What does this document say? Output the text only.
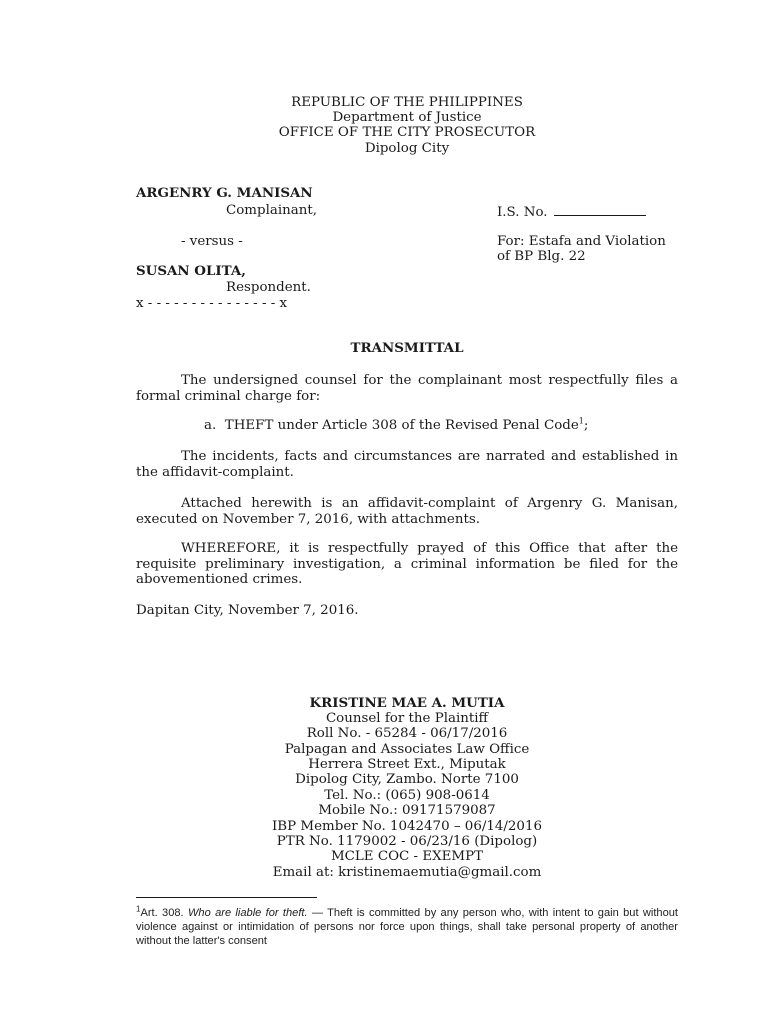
REPUBLIC OF THE PHILIPPINES
Department of Justice
OFFICE OF THE CITY PROSECUTOR
Dipolog City
ARGENRY G. MANISAN
Complainant,	I.S. No.
- versus -	For: Estafa and Violation
of BP Blg. 22
SUSAN OLITA,
Respondent.
x - - - - - - - - - - - - - - - x
TRANSMITTAL
The undersigned counsel for the complainant most respectfully files a formal criminal charge for:
a. THEFT under Article 308 of the Revised Penal Code$^1$;
The incidents, facts and circumstances are narrated and established in the affidavit-complaint.
Attached herewith is an affidavit-complaint of Argenry G. Manisan, executed on November 7, 2016, with attachments.
WHEREFORE, it is respectfully prayed of this Office that after the requisite preliminary investigation, a criminal information be filed for the abovementioned crimes.
Dapitan City, November 7, 2016.
KRISTINE MAE A. MUTIA
Counsel for the Plaintiff
Roll No. - 65284 - 06/17/2016
Palpagan and Associates Law Office
Herrera Street Ext., Miputak
Dipolog City, Zambo. Norte 7100
Tel. No.: (065) 908-0614
Mobile No.: 09171579087
IBP Member No. 1042470 – 06/14/2016
PTR No. 1179002 - 06/23/16 (Dipolog)
MCLE COC - EXEMPT
Email at: kristinemaemutia@gmail.com
$^1$Art. 308. Who are liable for theft. — Theft is committed by any person who, with intent to gain but without violence against or intimidation of persons nor force upon things, shall take personal property of another without the latter's consent
